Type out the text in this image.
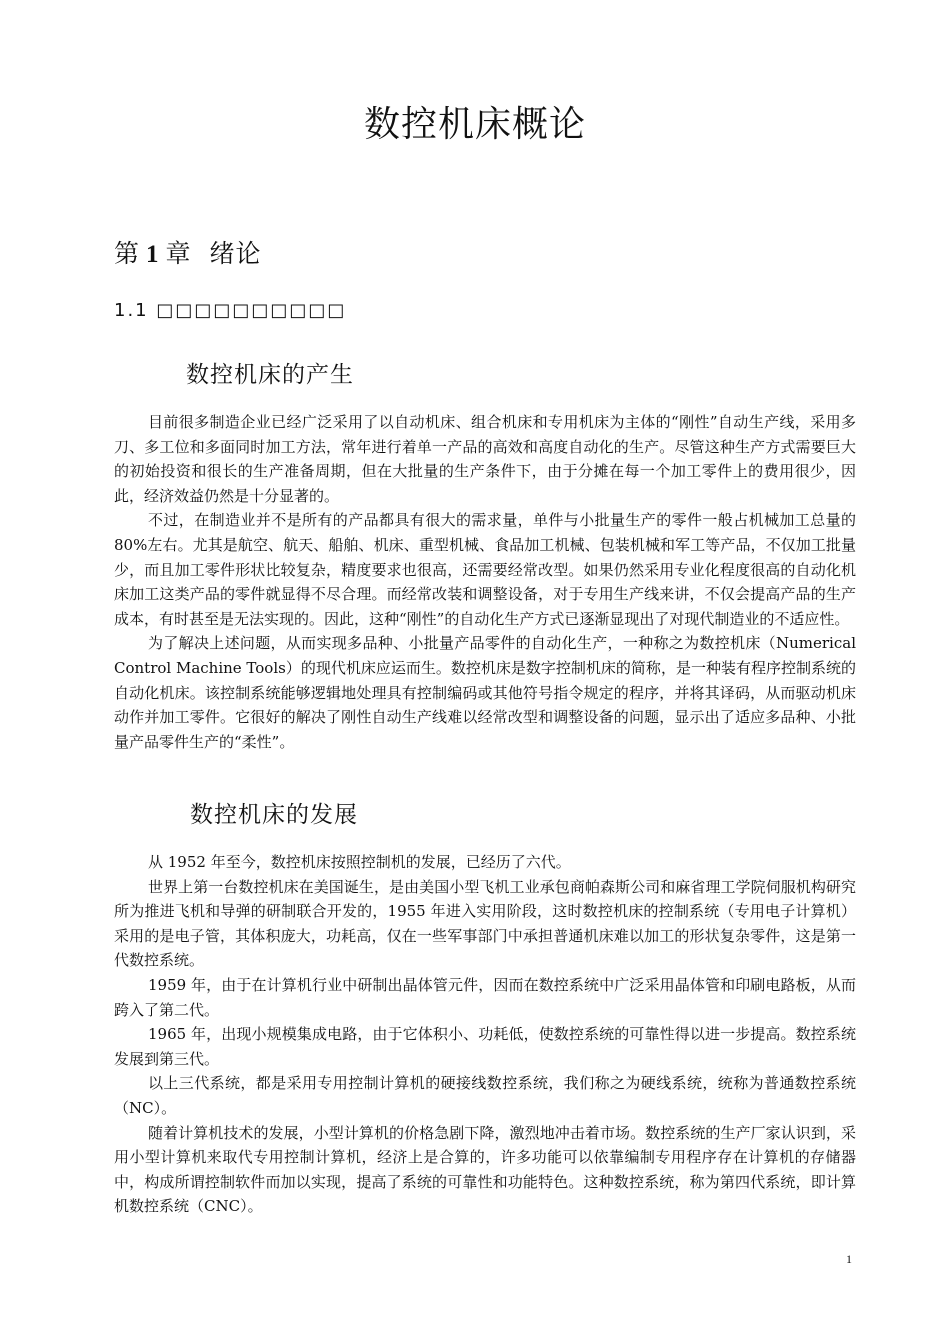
数控机床概论
第 1 章 绪论
1.1 □□□□□□□□□□
数控机床的产生

目前很多制造企业已经广泛采用了以自动机床、组合机床和专用机床为主体的“刚性”自动生产线，采用多刀、多工位和多面同时加工方法，常年进行着单一产品的高效和高度自动化的生产。尽管这种生产方式需要巨大的初始投资和很长的生产准备周期，但在大批量的生产条件下，由于分摊在每一个加工零件上的费用很少，因此，经济效益仍然是十分显著的。

不过，在制造业并不是所有的产品都具有很大的需求量，单件与小批量生产的零件一般占机械加工总量的 80%左右。尤其是航空、航天、船舶、机床、重型机械、食品加工机械、包装机械和军工等产品，不仅加工批量少，而且加工零件形状比较复杂，精度要求也很高，还需要经常改型。如果仍然采用专业化程度很高的自动化机床加工这类产品的零件就显得不尽合理。而经常改装和调整设备，对于专用生产线来讲，不仅会提高产品的生产成本，有时甚至是无法实现的。因此，这种“刚性”的自动化生产方式已逐渐显现出了对现代制造业的不适应性。

为了解决上述问题，从而实现多品种、小批量产品零件的自动化生产，一种称之为数控机床（Numerical Control Machine Tools）的现代机床应运而生。数控机床是数字控制机床的简称，是一种装有程序控制系统的自动化机床。该控制系统能够逻辑地处理具有控制编码或其他符号指令规定的程序，并将其译码，从而驱动机床动作并加工零件。它很好的解决了刚性自动生产线难以经常改型和调整设备的问题，显示出了适应多品种、小批量产品零件生产的“柔性”。

数控机床的发展

从 1952 年至今，数控机床按照控制机的发展，已经历了六代。

世界上第一台数控机床在美国诞生，是由美国小型飞机工业承包商帕森斯公司和麻省理工学院伺服机构研究所为推进飞机和导弹的研制联合开发的，1955 年进入实用阶段，这时数控机床的控制系统（专用电子计算机）采用的是电子管，其体积庞大，功耗高，仅在一些军事部门中承担普通机床难以加工的形状复杂零件，这是第一代数控系统。

1959 年，由于在计算机行业中研制出晶体管元件，因而在数控系统中广泛采用晶体管和印刷电路板，从而跨入了第二代。

1965 年，出现小规模集成电路，由于它体积小、功耗低，使数控系统的可靠性得以进一步提高。数控系统发展到第三代。

以上三代系统，都是采用专用控制计算机的硬接线数控系统，我们称之为硬线系统，统称为普通数控系统（NC）。

随着计算机技术的发展，小型计算机的价格急剧下降，激烈地冲击着市场。数控系统的生产厂家认识到，采用小型计算机来取代专用控制计算机，经济上是合算的，许多功能可以依靠编制专用程序存在计算机的存储器中，构成所谓控制软件而加以实现，提高了系统的可靠性和功能特色。这种数控系统，称为第四代系统，即计算机数控系统（CNC）。

1
